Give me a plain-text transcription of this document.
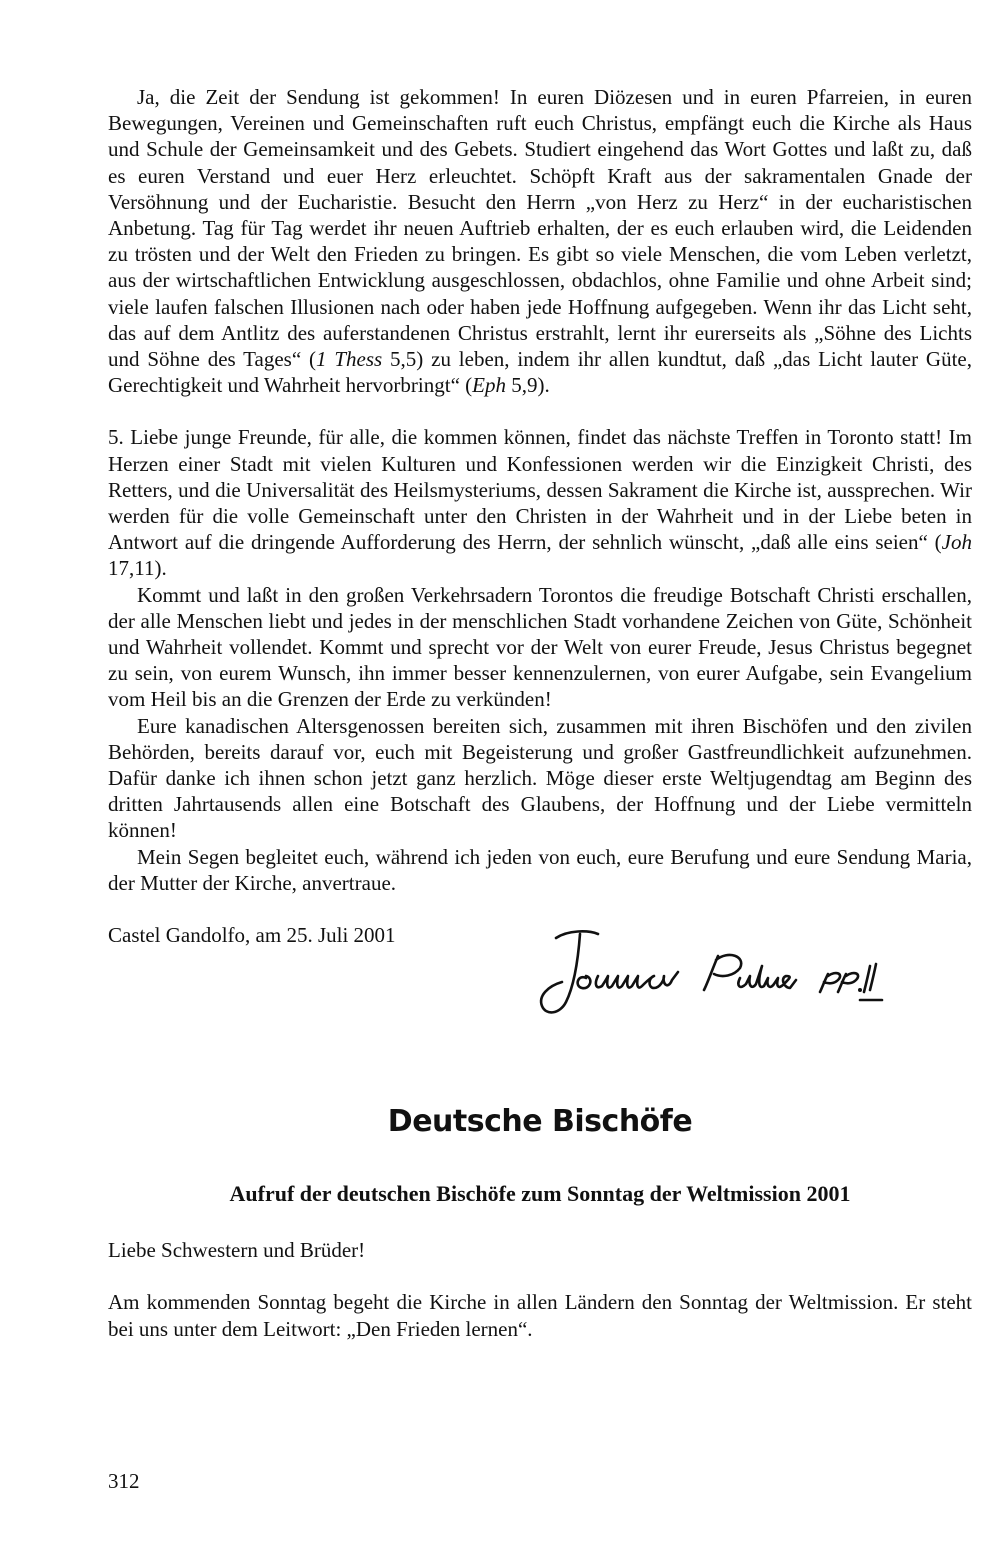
Ja, die Zeit der Sendung ist gekommen! In euren Diözesen und in euren Pfarreien, in euren Bewegungen, Vereinen und Gemeinschaften ruft euch Christus, empfängt euch die Kirche als Haus und Schule der Gemeinsamkeit und des Gebets. Studiert eingehend das Wort Gottes und laßt zu, daß es euren Verstand und euer Herz erleuchtet. Schöpft Kraft aus der sakramentalen Gnade der Versöhnung und der Eucharistie. Besucht den Herrn „von Herz zu Herz“ in der eucharistischen Anbetung. Tag für Tag werdet ihr neuen Auftrieb erhalten, der es euch erlauben wird, die Leidenden zu trösten und der Welt den Frieden zu bringen. Es gibt so viele Menschen, die vom Leben verletzt, aus der wirtschaftlichen Entwicklung ausgeschlossen, obdachlos, ohne Familie und ohne Arbeit sind; viele laufen falschen Illusionen nach oder haben jede Hoffnung aufgegeben. Wenn ihr das Licht seht, das auf dem Antlitz des auferstandenen Christus erstrahlt, lernt ihr eurerseits als „Söhne des Lichts und Söhne des Tages“ (1 Thess 5,5) zu leben, indem ihr allen kundtut, daß „das Licht lauter Güte, Gerechtigkeit und Wahrheit hervorbringt“ (Eph 5,9).

5. Liebe junge Freunde, für alle, die kommen können, findet das nächste Treffen in Toronto statt! Im Herzen einer Stadt mit vielen Kulturen und Konfessionen werden wir die Einzigkeit Christi, des Retters, und die Universalität des Heilsmysteriums, dessen Sakrament die Kirche ist, aussprechen. Wir werden für die volle Gemeinschaft unter den Christen in der Wahrheit und in der Liebe beten in Antwort auf die dringende Aufforderung des Herrn, der sehnlich wünscht, „daß alle eins seien“ (Joh 17,11).

Kommt und laßt in den großen Verkehrsadern Torontos die freudige Botschaft Christi erschallen, der alle Menschen liebt und jedes in der menschlichen Stadt vorhandene Zeichen von Güte, Schönheit und Wahrheit vollendet. Kommt und sprecht vor der Welt von eurer Freude, Jesus Christus begegnet zu sein, von eurem Wunsch, ihn immer besser kennenzulernen, von eurer Aufgabe, sein Evangelium vom Heil bis an die Grenzen der Erde zu verkünden!

Eure kanadischen Altersgenossen bereiten sich, zusammen mit ihren Bischöfen und den zivilen Behörden, bereits darauf vor, euch mit Begeisterung und großer Gastfreundlichkeit aufzunehmen. Dafür danke ich ihnen schon jetzt ganz herzlich. Möge dieser erste Weltjugendtag am Beginn des dritten Jahrtausends allen eine Botschaft des Glaubens, der Hoffnung und der Liebe vermitteln können!

Mein Segen begleitet euch, während ich jeden von euch, eure Berufung und eure Sendung Maria, der Mutter der Kirche, anvertraue.

Castel Gandolfo, am 25. Juli 2001

Deutsche Bischöfe
Aufruf der deutschen Bischöfe zum Sonntag der Weltmission 2001

Liebe Schwestern und Brüder!

Am kommenden Sonntag begeht die Kirche in allen Ländern den Sonntag der Weltmission. Er steht bei uns unter dem Leitwort: „Den Frieden lernen“.

312
